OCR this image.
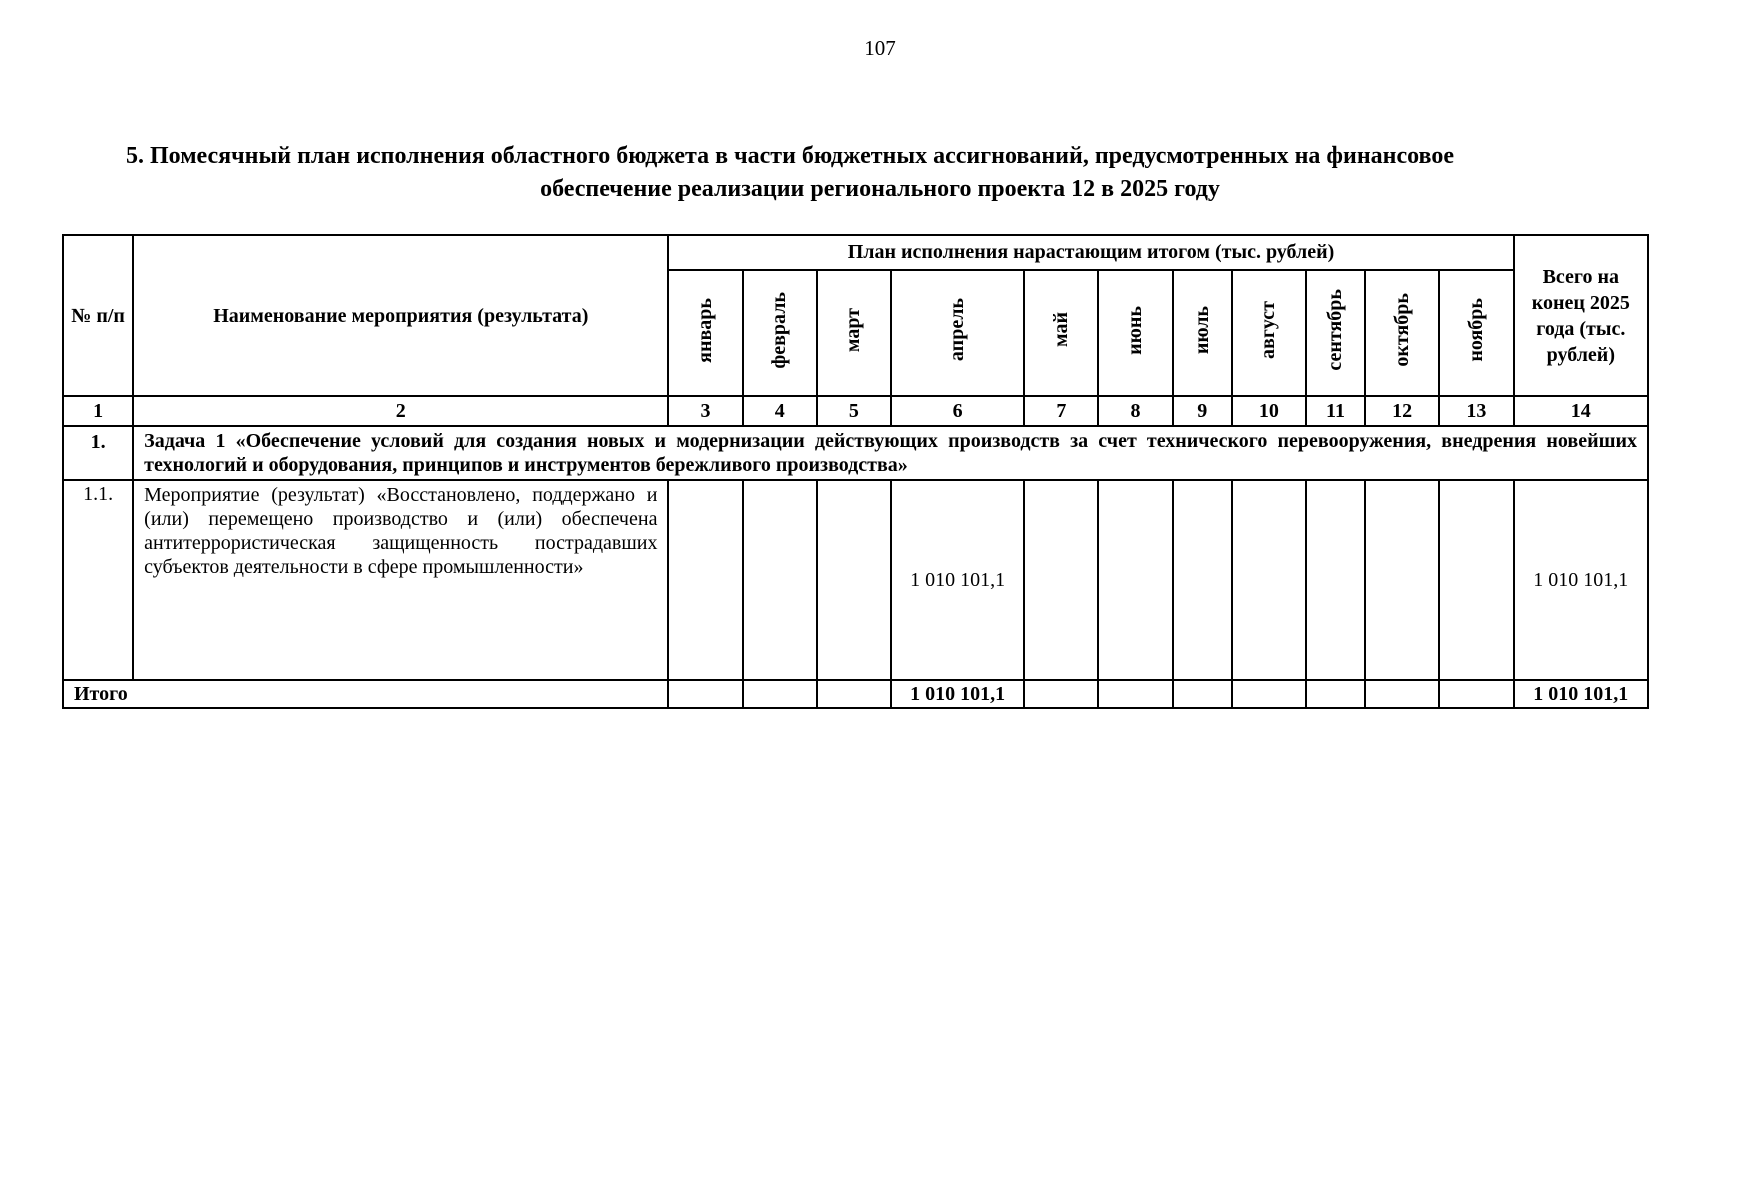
107
5. Помесячный план исполнения областного бюджета в части бюджетных ассигнований, предусмотренных на финансовое
обеспечение реализации регионального проекта 12 в 2025 году
№ п/п	Наименование мероприятия (результата)	План исполнения нарастающим итогом (тыс. рублей)											Всего на конец 2025 года (тыс. рублей)
		январь	февраль	март	апрель	май	июнь	июль	август	сентябрь	октябрь	ноябрь	
1	2	3	4	5	6	7	8	9	10	11	12	13	14
1.	Задача 1 «Обеспечение условий для создания новых и модернизации действующих производств за счет технического перевооружения, внедрения новейших технологий и оборудования, принципов и инструментов бережливого производства»												
1.1.	Мероприятие (результат) «Восстановлено, поддержано и (или) перемещено производство и (или) обеспечена антитеррористическая защищенность пострадавших субъектов деятельности в сфере промышленности»				1 010 101,1								1 010 101,1
Итого					1 010 101,1								1 010 101,1
